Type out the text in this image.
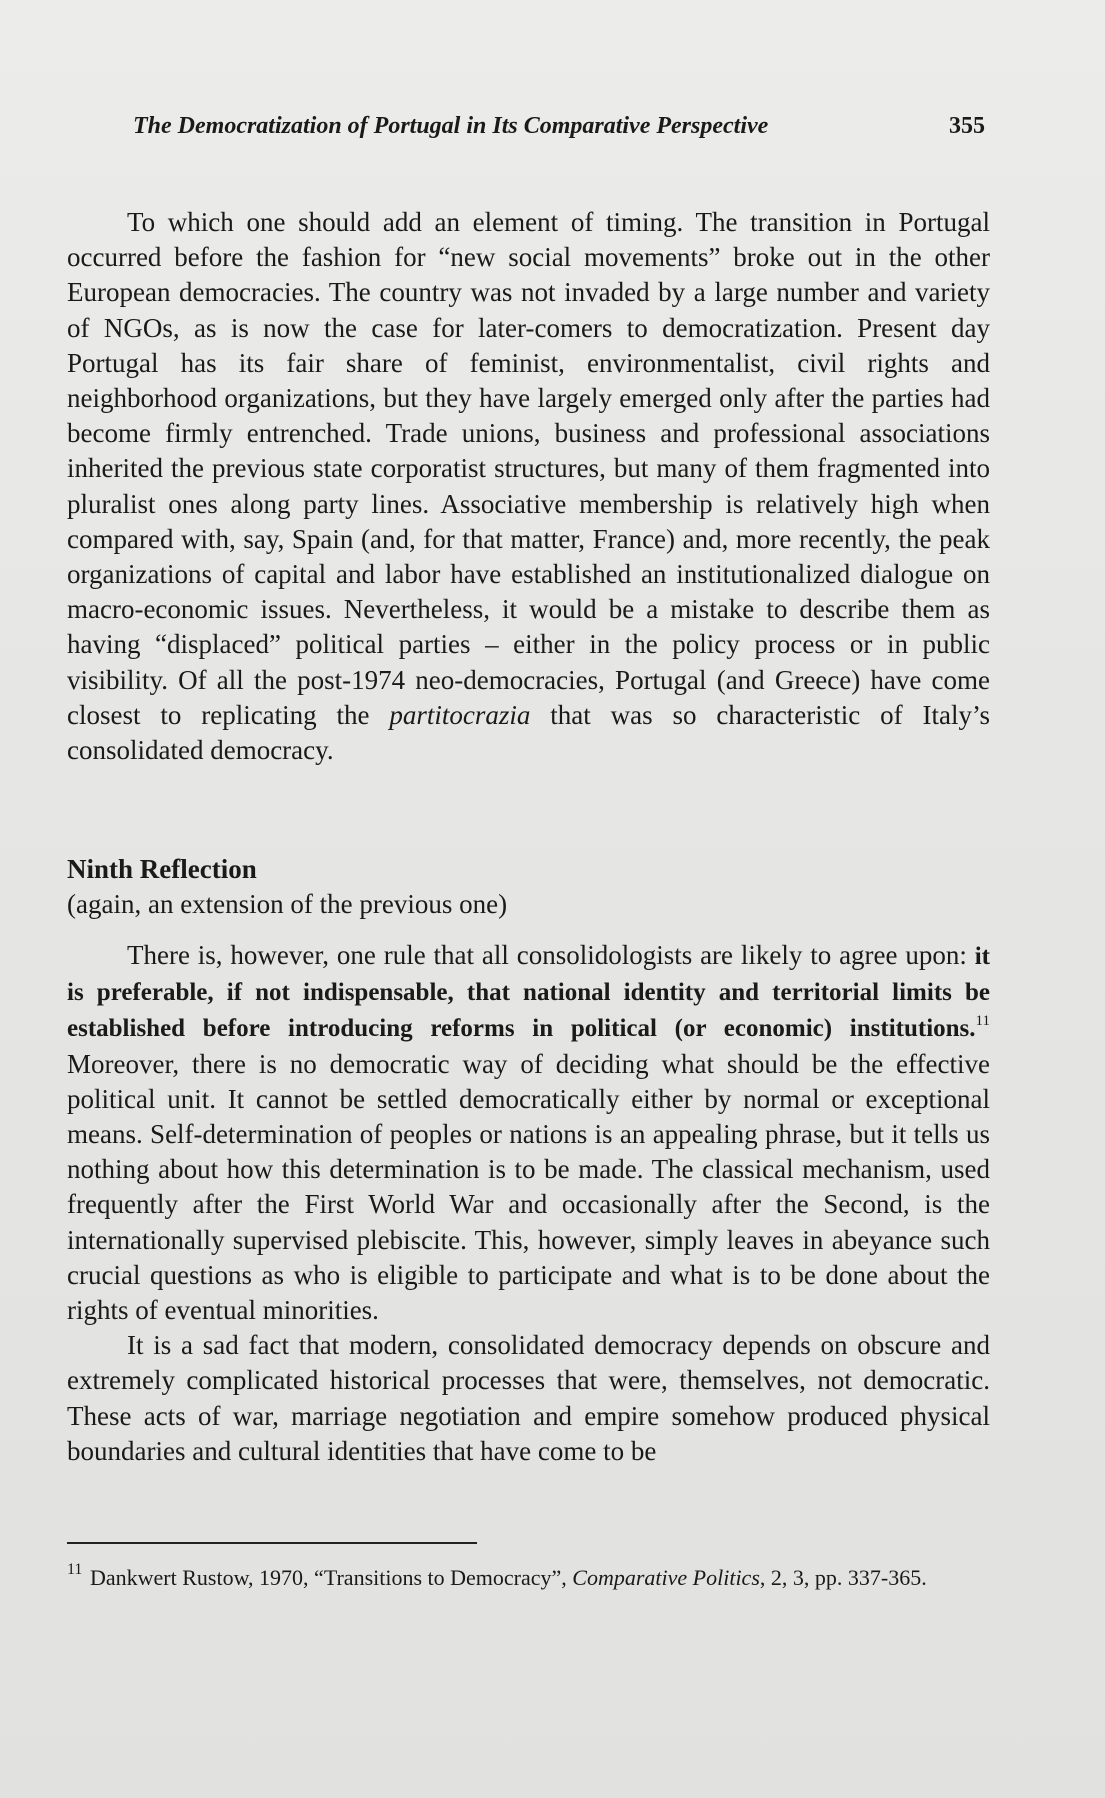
The Democratization of Portugal in Its Comparative Perspective	355

To which one should add an element of timing. The transition in Portugal occurred before the fashion for “new social movements” broke out in the other European democracies. The country was not invaded by a large number and variety of NGOs, as is now the case for later-comers to democratization. Present day Portugal has its fair share of feminist, environmentalist, civil rights and neighborhood organizations, but they have largely emerged only after the parties had become firmly entrenched. Trade unions, business and professional associations inherited the previous state corporatist structures, but many of them fragmented into pluralist ones along party lines. Associative membership is relatively high when compared with, say, Spain (and, for that matter, France) and, more recently, the peak organizations of capital and labor have established an institutionalized dialogue on macro-economic issues. Nevertheless, it would be a mistake to describe them as having “displaced” political parties – either in the policy process or in public visibility. Of all the post-1974 neo-democracies, Portugal (and Greece) have come closest to replicating the partitocrazia that was so characteristic of Italy’s consolidated democracy.

Ninth Reflection
(again, an extension of the previous one)

There is, however, one rule that all consolidologists are likely to agree upon: it is preferable, if not indispensable, that national identity and territorial limits be established before introducing reforms in political (or economic) institutions.$^{11}$ Moreover, there is no democratic way of deciding what should be the effective political unit. It cannot be settled democratically either by normal or exceptional means. Self-determination of peoples or nations is an appealing phrase, but it tells us nothing about how this determination is to be made. The classical mechanism, used frequently after the First World War and occasionally after the Second, is the internationally supervised plebiscite. This, however, simply leaves in abeyance such crucial questions as who is eligible to participate and what is to be done about the rights of eventual minorities.

It is a sad fact that modern, consolidated democracy depends on obscure and extremely complicated historical processes that were, themselves, not democratic. These acts of war, marriage negotiation and empire somehow produced physical boundaries and cultural identities that have come to be

11 Dankwert Rustow, 1970, “Transitions to Democracy”, Comparative Politics, 2, 3, pp. 337-365.
